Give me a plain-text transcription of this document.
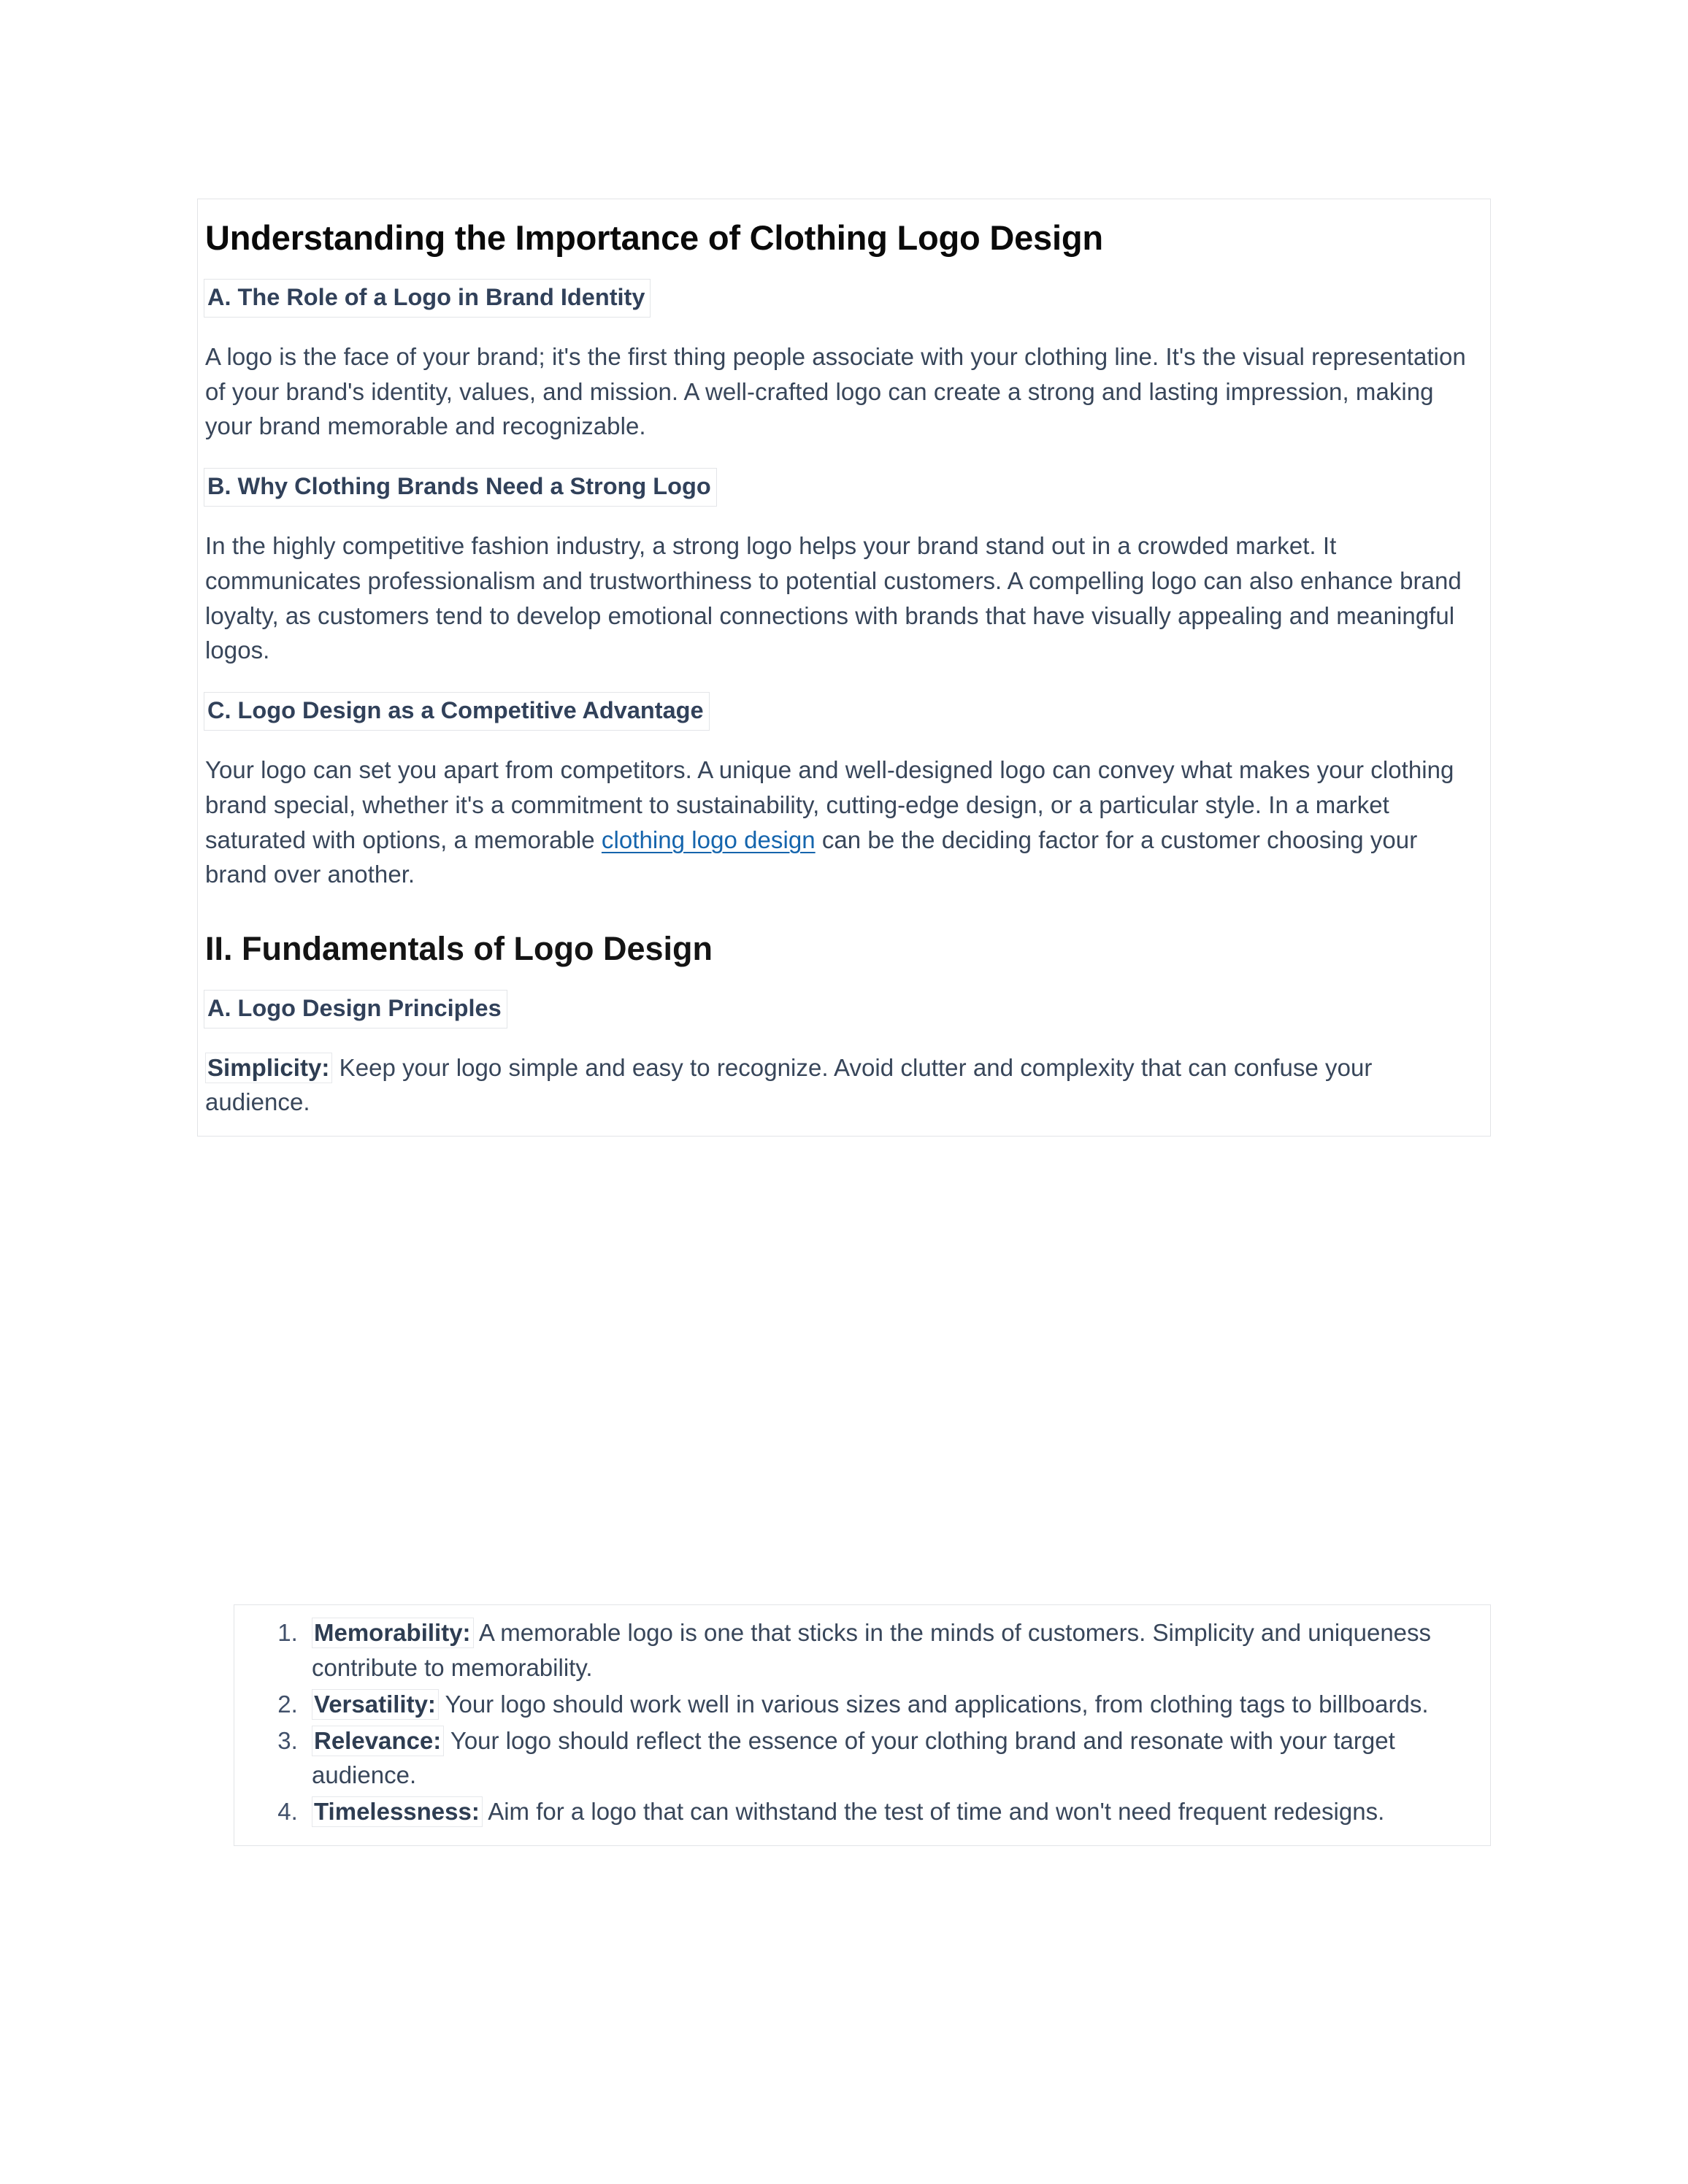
Understanding the Importance of Clothing Logo Design
A. The Role of a Logo in Brand Identity

A logo is the face of your brand; it's the first thing people associate with your clothing line. It's the visual representation of your brand's identity, values, and mission. A well-crafted logo can create a strong and lasting impression, making your brand memorable and recognizable.

B. Why Clothing Brands Need a Strong Logo

In the highly competitive fashion industry, a strong logo helps your brand stand out in a crowded market. It communicates professionalism and trustworthiness to potential customers. A compelling logo can also enhance brand loyalty, as customers tend to develop emotional connections with brands that have visually appealing and meaningful logos.

C. Logo Design as a Competitive Advantage

Your logo can set you apart from competitors. A unique and well-designed logo can convey what makes your clothing brand special, whether it's a commitment to sustainability, cutting-edge design, or a particular style. In a market saturated with options, a memorable clothing logo design can be the deciding factor for a customer choosing your brand over another.

II. Fundamentals of Logo Design
A. Logo Design Principles

Simplicity: Keep your logo simple and easy to recognize. Avoid clutter and complexity that can confuse your audience.

1. Memorability: A memorable logo is one that sticks in the minds of customers. Simplicity and uniqueness contribute to memorability.
2. Versatility: Your logo should work well in various sizes and applications, from clothing tags to billboards.
3. Relevance: Your logo should reflect the essence of your clothing brand and resonate with your target audience.
4. Timelessness: Aim for a logo that can withstand the test of time and won't need frequent redesigns.
